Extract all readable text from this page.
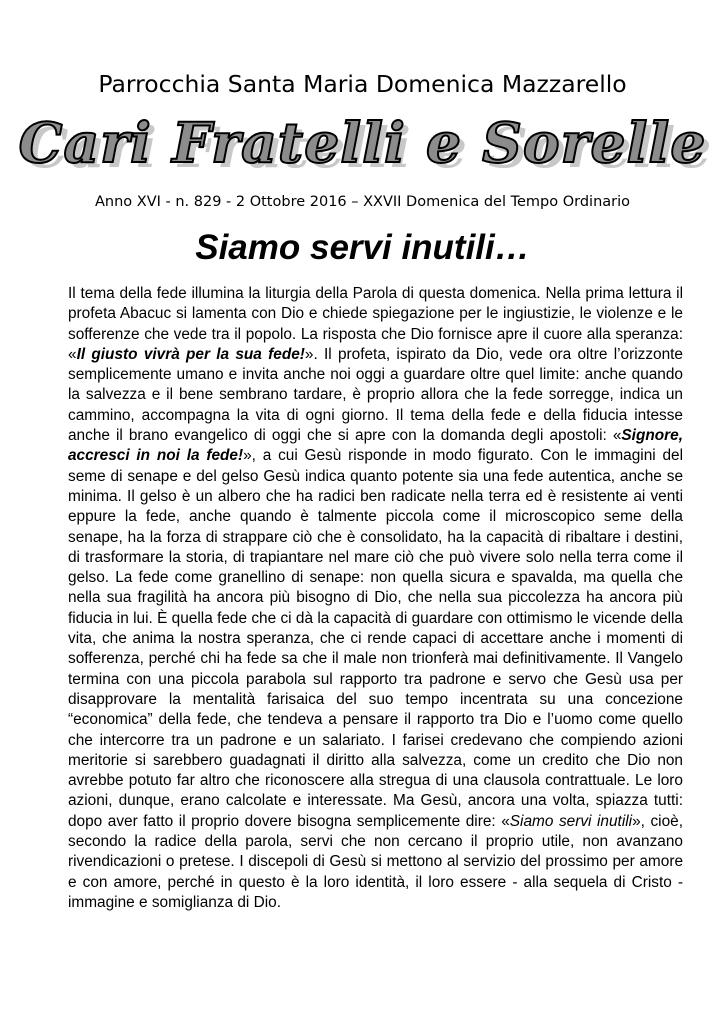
Parrocchia Santa Maria Domenica Mazzarello
Cari Fratelli e Sorelle
Anno XVI - n. 829 - 2 Ottobre 2016 – XXVII Domenica del Tempo Ordinario
Siamo servi inutili…

Il tema della fede illumina la liturgia della Parola di questa domenica. Nella prima lettura il profeta Abacuc si lamenta con Dio e chiede spiegazione per le ingiustizie, le violenze e le sofferenze che vede tra il popolo. La risposta che Dio fornisce apre il cuore alla speranza: «Il giusto vivrà per la sua fede!». Il profeta, ispirato da Dio, vede ora oltre l’orizzonte semplicemente umano e invita anche noi oggi a guardare oltre quel limite: anche quando la salvezza e il bene sembrano tardare, è proprio allora che la fede sorregge, indica un cammino, accompagna la vita di ogni giorno. Il tema della fede e della fiducia intesse anche il brano evangelico di oggi che si apre con la domanda degli apostoli: «Signore, accresci in noi la fede!», a cui Gesù risponde in modo figurato. Con le immagini del seme di senape e del gelso Gesù indica quanto potente sia una fede autentica, anche se minima. Il gelso è un albero che ha radici ben radicate nella terra ed è resistente ai venti eppure la fede, anche quando è talmente piccola come il microscopico seme della senape, ha la forza di strappare ciò che è consolidato, ha la capacità di ribaltare i destini, di trasformare la storia, di trapiantare nel mare ciò che può vivere solo nella terra come il gelso. La fede come granellino di senape: non quella sicura e spavalda, ma quella che nella sua fragilità ha ancora più bisogno di Dio, che nella sua piccolezza ha ancora più fiducia in lui. È quella fede che ci dà la capacità di guardare con ottimismo le vicende della vita, che anima la nostra speranza, che ci rende capaci di accettare anche i momenti di sofferenza, perché chi ha fede sa che il male non trionferà mai definitivamente. Il Vangelo termina con una piccola parabola sul rapporto tra padrone e servo che Gesù usa per disapprovare la mentalità farisaica del suo tempo incentrata su una concezione “economica” della fede, che tendeva a pensare il rapporto tra Dio e l’uomo come quello che intercorre tra un padrone e un salariato. I farisei credevano che compiendo azioni meritorie si sarebbero guadagnati il diritto alla salvezza, come un credito che Dio non avrebbe potuto far altro che riconoscere alla stregua di una clausola contrattuale. Le loro azioni, dunque, erano calcolate e interessate. Ma Gesù, ancora una volta, spiazza tutti: dopo aver fatto il proprio dovere bisogna semplicemente dire: «Siamo servi inutili», cioè, secondo la radice della parola, servi che non cercano il proprio utile, non avanzano rivendicazioni o pretese. I discepoli di Gesù si mettono al servizio del prossimo per amore e con amore, perché in questo è la loro identità, il loro essere - alla sequela di Cristo - immagine e somiglianza di Dio.
